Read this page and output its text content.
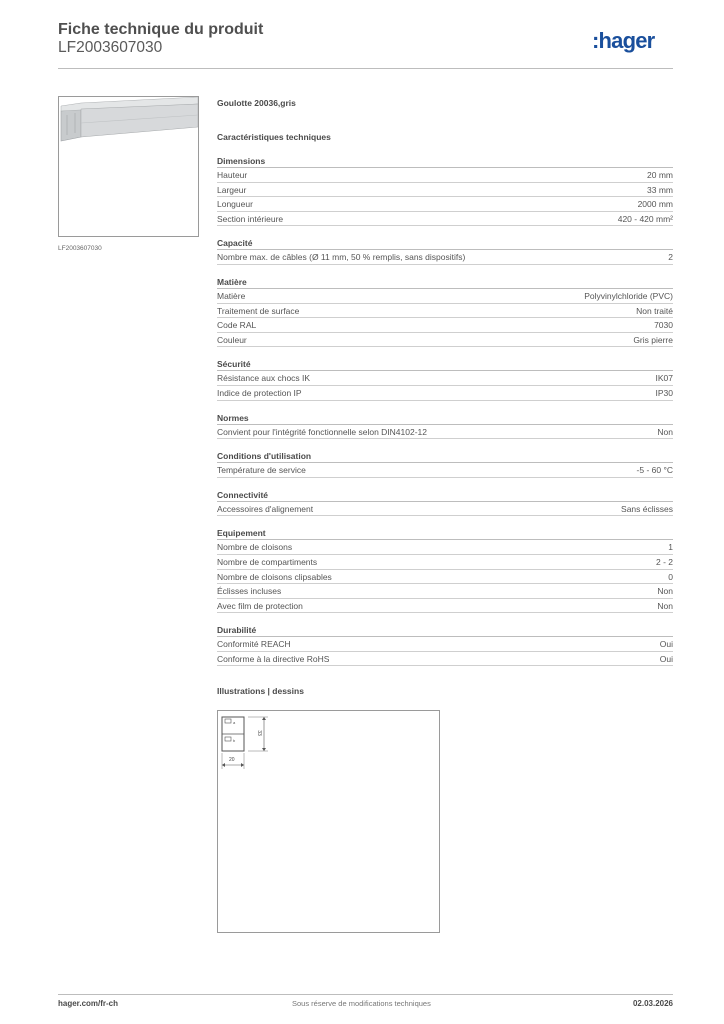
Fiche technique du produit
LF2003607030	:hager
LF2003607030
Goulotte 20036,gris
Caractéristiques techniques
Dimensions
Hauteur	20 mm
Largeur	33 mm
Longueur	2000 mm
Section intérieure	420 - 420 mm²
Capacité
Nombre max. de câbles (Ø 11 mm, 50 % remplis, sans dispositifs)	2
Matière
Matière	Polyvinylchloride (PVC)
Traitement de surface	Non traité
Code RAL	7030
Couleur	Gris pierre
Sécurité
Résistance aux chocs IK	IK07
Indice de protection IP	IP30
Normes
Convient pour l'intégrité fonctionnelle selon DIN4102-12	Non
Conditions d'utilisation
Température de service	-5 - 60 °C
Connectivité
Accessoires d'alignement	Sans éclisses
Equipement
Nombre de cloisons	1
Nombre de compartiments	2 - 2
Nombre de cloisons clipsables	0
Éclisses incluses	Non
Avec film de protection	Non
Durabilité
Conformité REACH	Oui
Conforme à la directive RoHS	Oui
Illustrations | dessins
a
b
33
20
hager.com/fr-ch	Sous réserve de modifications techniques	02.03.2026
